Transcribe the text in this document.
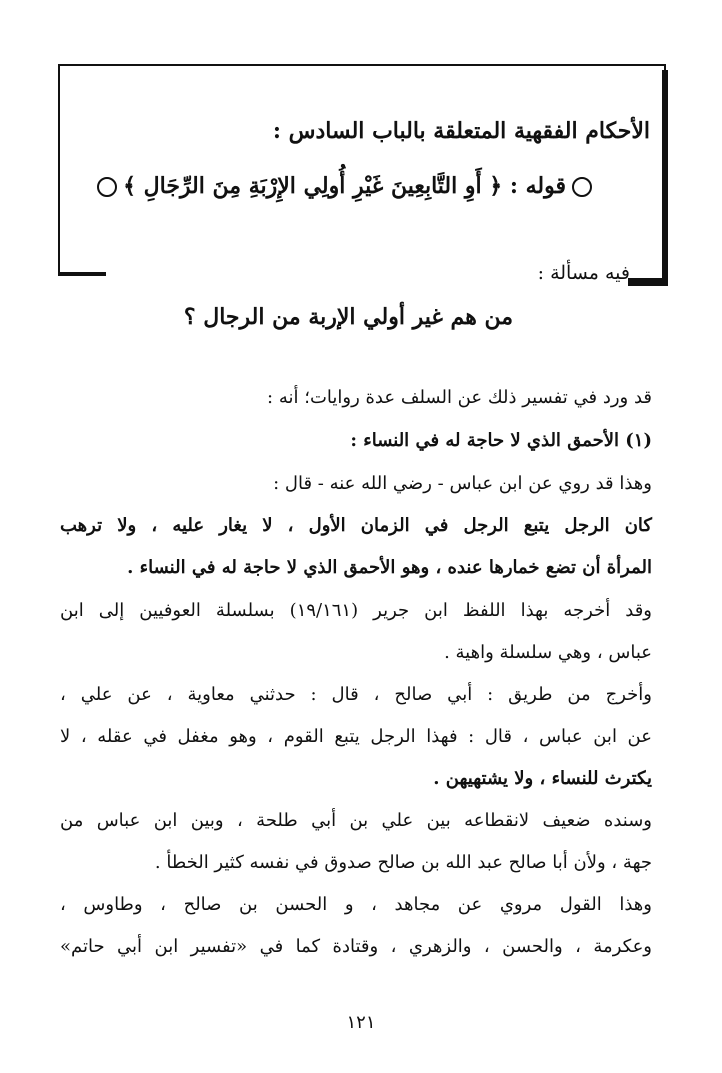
الأحكام الفقهية المتعلقة بالباب السادس :
قوله : ﴿ أَوِ التَّابِعِينَ غَيْرِ أُولِي الإِرْبَةِ مِنَ الرِّجَالِ ﴾
فيه مسألة :
من هم غير أولي الإربة من الرجال ؟
قد ورد في تفسير ذلك عن السلف عدة روايات؛ أنه :
(١) الأحمق الذي لا حاجة له في النساء :
وهذا قد روي عن ابن عباس - رضي الله عنه - قال :
كان الرجل يتبع الرجل في الزمان الأول ، لا يغار عليه ، ولا ترهب
المرأة أن تضع خمارها عنده ، وهو الأحمق الذي لا حاجة له في النساء .
وقد أخرجه بهذا اللفظ ابن جرير (١٩/١٦١) بسلسلة العوفيين إلى ابن
عباس ، وهي سلسلة واهية .
وأخرج من طريق : أبي صالح ، قال : حدثني معاوية ، عن علي ،
عن ابن عباس ، قال : فهذا الرجل يتبع القوم ، وهو مغفل في عقله ، لا
يكترث للنساء ، ولا يشتهيهن .
وسنده ضعيف لانقطاعه بين علي بن أبي طلحة ، وبين ابن عباس من
جهة ، ولأن أبا صالح عبد الله بن صالح صدوق في نفسه كثير الخطأ .
وهذا القول مروي عن مجاهد ، و الحسن بن صالح ، وطاوس ،
وعكرمة ، والحسن ، والزهري ، وقتادة كما في «تفسير ابن أبي حاتم»
١٢١
